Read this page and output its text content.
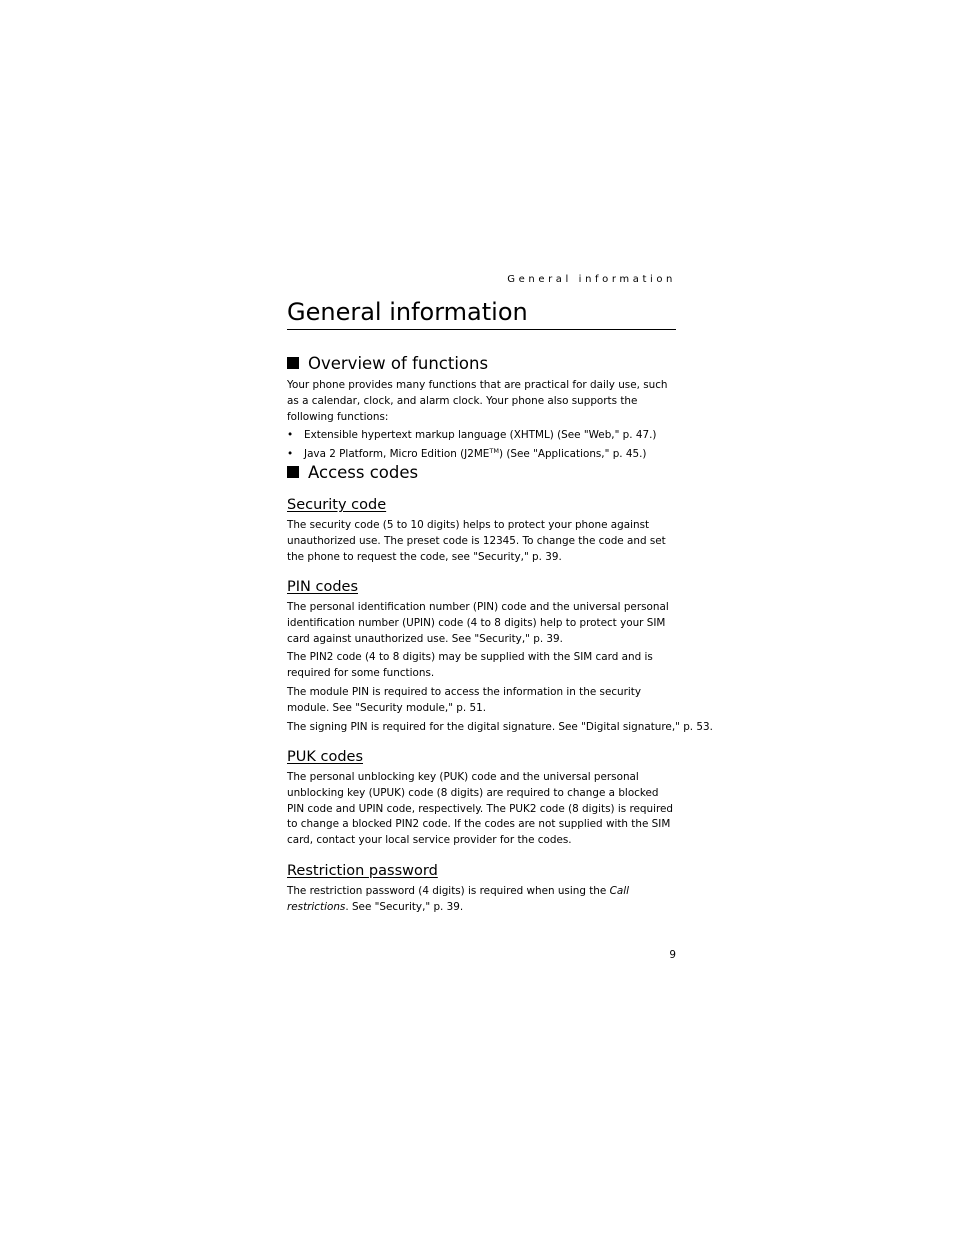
General information
General information
Overview of functions

Your phone provides many functions that are practical for daily use, such as a calendar, clock, and alarm clock. Your phone also supports the following functions:

• Extensible hypertext markup language (XHTML) (See "Web," p. 47.)
• Java 2 Platform, Micro Edition (J2ME™) (See "Applications," p. 45.)
Access codes
Security code

The security code (5 to 10 digits) helps to protect your phone against unauthorized use. The preset code is 12345. To change the code and set the phone to request the code, see "Security," p. 39.

PIN codes

The personal identification number (PIN) code and the universal personal identification number (UPIN) code (4 to 8 digits) help to protect your SIM card against unauthorized use. See "Security," p. 39.

The PIN2 code (4 to 8 digits) may be supplied with the SIM card and is required for some functions.

The module PIN is required to access the information in the security module. See "Security module," p. 51.

The signing PIN is required for the digital signature. See "Digital signature," p. 53.

PUK codes

The personal unblocking key (PUK) code and the universal personal unblocking key (UPUK) code (8 digits) are required to change a blocked PIN code and UPIN code, respectively. The PUK2 code (8 digits) is required to change a blocked PIN2 code. If the codes are not supplied with the SIM card, contact your local service provider for the codes.

Restriction password

The restriction password (4 digits) is required when using the Call restrictions. See "Security," p. 39.

9
